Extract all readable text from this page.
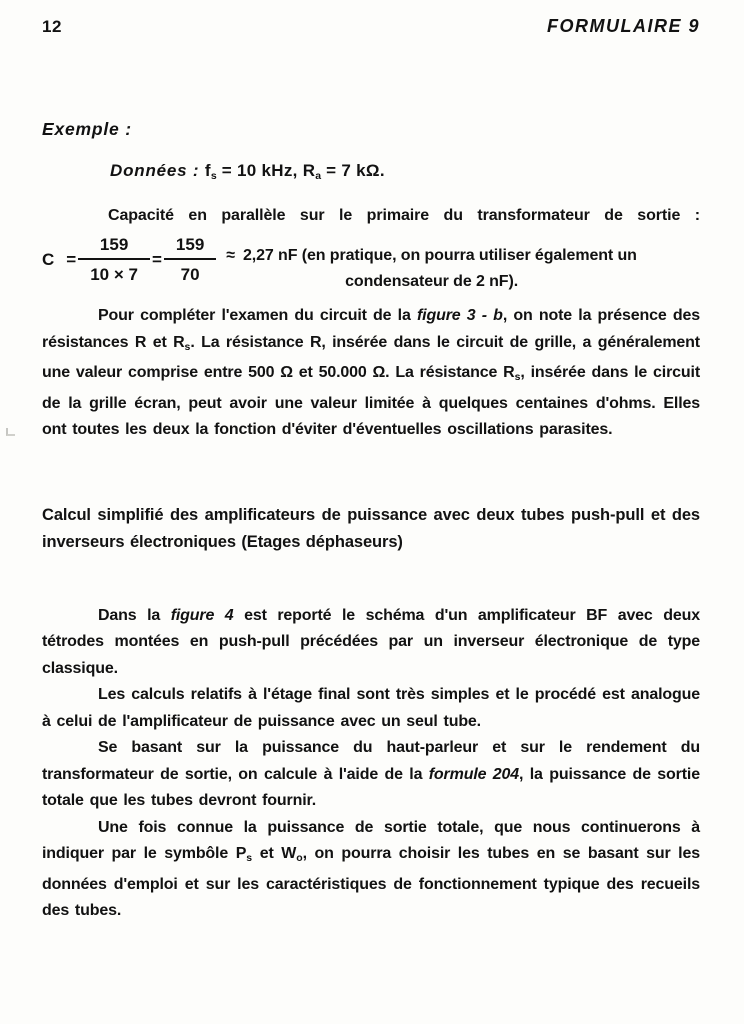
12	FORMULAIRE 9
Exemple :
Données : $f_s = 10$ kHz, $R_a = 7$ kΩ.
Capacité en parallèle sur le primaire du transformateur de sortie :
$C = \frac{159}{10 \times 7} = \frac{159}{70} \approx 2,27$ nF (en pratique, on pourra utiliser également un
condensateur de 2 nF).

Pour compléter l'examen du circuit de la figure 3 - b, on note la présence des résistances R et $R_s$. La résistance R, insérée dans le circuit de grille, a généralement une valeur comprise entre 500 Ω et 50.000 Ω. La résistance $R_s$, insérée dans le circuit de la grille écran, peut avoir une valeur limitée à quelques centaines d'ohms. Elles ont toutes les deux la fonction d'éviter d'éventuelles oscillations parasites.

Calcul simplifié des amplificateurs de puissance avec deux tubes push-pull et des inverseurs électroniques (Etages déphaseurs)

Dans la figure 4 est reporté le schéma d'un amplificateur BF avec deux tétrodes montées en push-pull précédées par un inverseur électronique de type classique.

Les calculs relatifs à l'étage final sont très simples et le procédé est analogue à celui de l'amplificateur de puissance avec un seul tube.

Se basant sur la puissance du haut-parleur et sur le rendement du transformateur de sortie, on calcule à l'aide de la formule 204, la puissance de sortie totale que les tubes devront fournir.

Une fois connue la puissance de sortie totale, que nous continuerons à indiquer par le symbôle $P_s$ et $W_o$, on pourra choisir les tubes en se basant sur les données d'emploi et sur les caractéristiques de fonctionnement typique des recueils des tubes.
